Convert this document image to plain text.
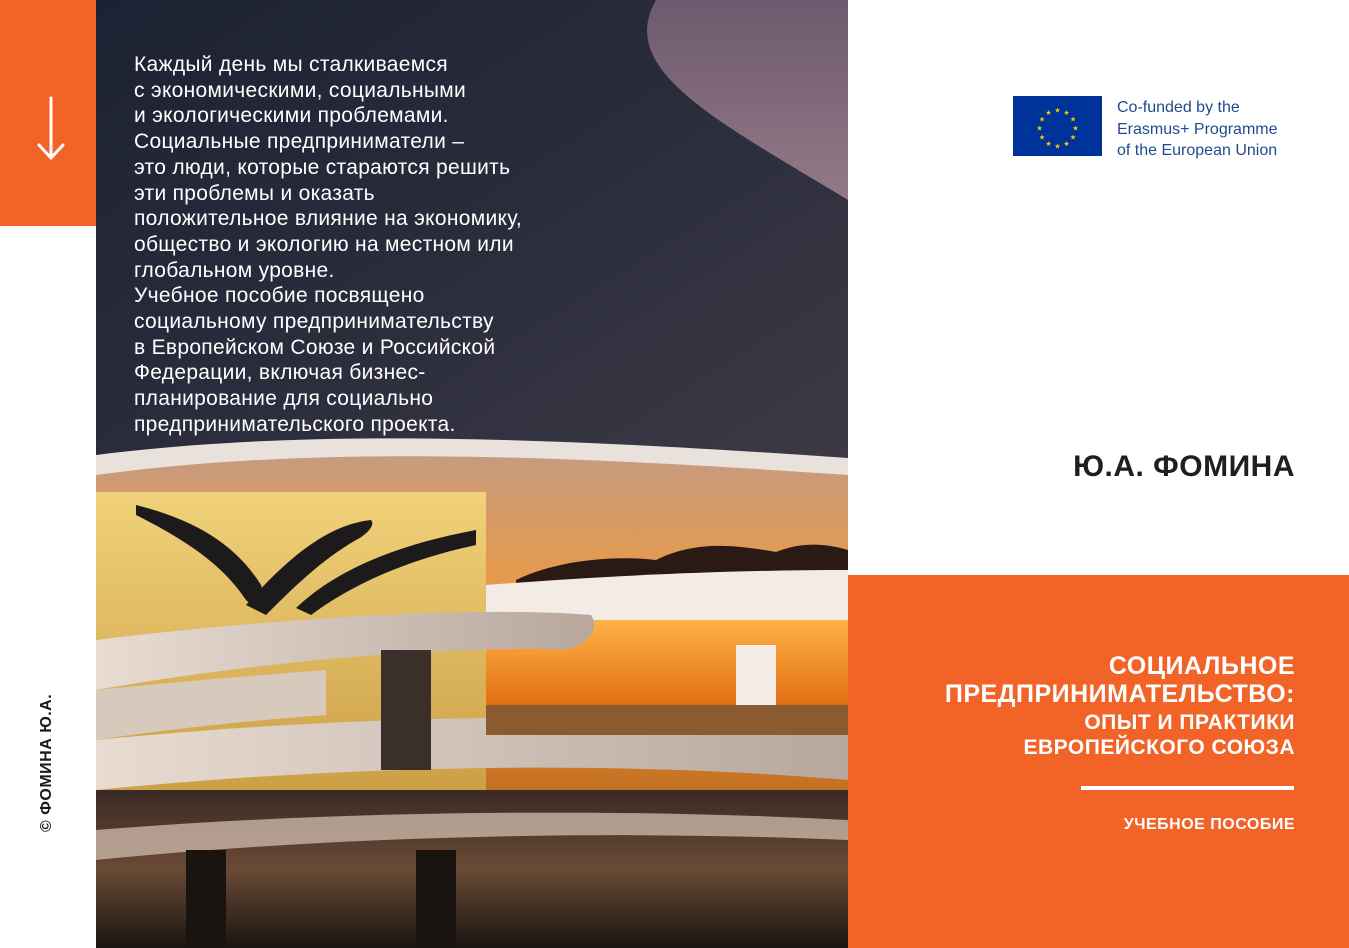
© ФОМИНА Ю.А.
Каждый день мы сталкиваемся
с экономическими, социальными
и экологическими проблемами.
Социальные предприниматели –
это люди, которые стараются решить
эти проблемы и оказать
положительное влияние на экономику,
общество и экологию на местном или
глобальном уровне.
Учебное пособие посвящено
социальному предпринимательству
в Европейском Союзе и Российской
Федерации, включая бизнес-
планирование для социально
предпринимательского проекта.
★ ★
★
★
★
★
★
★
★
★
★
★	Co-funded by the
Erasmus+ Programme
of the European Union
Ю.А. ФОМИНА
СОЦИАЛЬНОЕ
ПРЕДПРИНИМАТЕЛЬСТВО:
ОПЫТ И ПРАКТИКИ
ЕВРОПЕЙСКОГО СОЮЗА
УЧЕБНОЕ ПОСОБИЕ
